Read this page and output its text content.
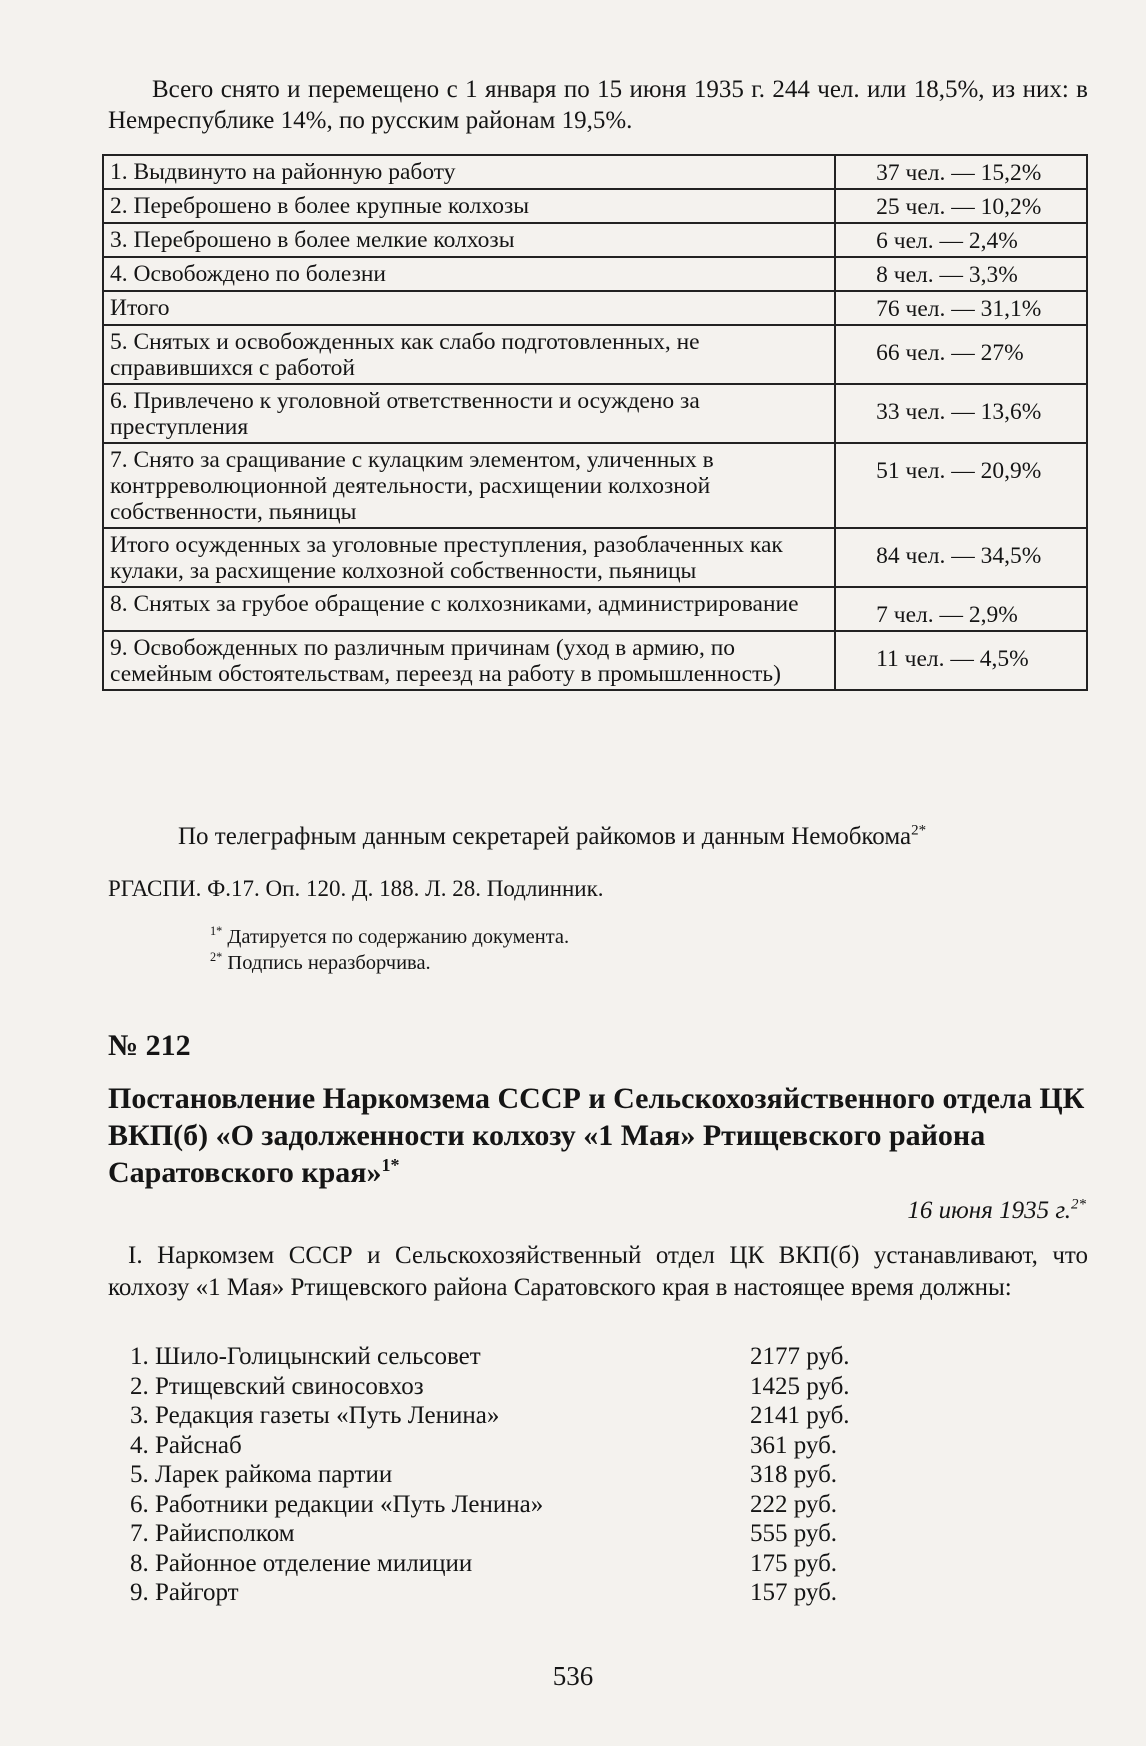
Всего снято и перемещено с 1 января по 15 июня 1935 г. 244 чел. или 18,5%, из них: в Немреспублике 14%, по русским районам 19,5%.

1. Выдвинуто на районную работу	37 чел. — 15,2%
2. Переброшено в более крупные колхозы	25 чел. — 10,2%
3. Переброшено в более мелкие колхозы	6 чел. — 2,4%
4. Освобождено по болезни	8 чел. — 3,3%
Итого	76 чел. — 31,1%
5. Снятых и освобожденных как слабо подготовленных, не справившихся с работой	66 чел. — 27%
6. Привлечено к уголовной ответственности и осуждено за преступления	33 чел. — 13,6%
7. Снято за сращивание с кулацким элементом, уличенных в контрреволюционной деятельности, расхищении колхозной собственности, пьяницы	51 чел. — 20,9%
Итого осужденных за уголовные преступления, разоблаченных как кулаки, за расхищение колхозной собственности, пьяницы	84 чел. — 34,5%
8. Снятых за грубое обращение с колхозниками, администрирование	7 чел. — 2,9%
9. Освобожденных по различным причинам (уход в армию, по семейным обстоятельствам, переезд на работу в промышленность)	11 чел. — 4,5%
По телеграфным данным секретарей райкомов и данным Немобкома$^{2*}$
РГАСПИ. Ф.17. Оп. 120. Д. 188. Л. 28. Подлинник.
$^{1*}$ Датируется по содержанию документа.
$^{2*}$ Подпись неразборчива.
№ 212
Постановление Наркомзема СССР и Сельскохозяйственного отдела ЦК ВКП(б) «О задолженности колхозу «1 Мая» Ртищевского района Саратовского края»$^{1*}$
16 июня 1935 г.$^{2*}$

I. Наркомзем СССР и Сельскохозяйственный отдел ЦК ВКП(б) устанавливают, что колхозу «1 Мая» Ртищевского района Саратовского края в настоящее время должны:

1. Шило-Голицынский сельсовет	2177 руб.
2. Ртищевский свиносовхоз	1425 руб.
3. Редакция газеты «Путь Ленина»	2141 руб.
4. Райснаб	361 руб.
5. Ларек райкома партии	318 руб.
6. Работники редакции «Путь Ленина»	222 руб.
7. Райисполком	555 руб.
8. Районное отделение милиции	175 руб.
9. Райгорт	157 руб.
536
